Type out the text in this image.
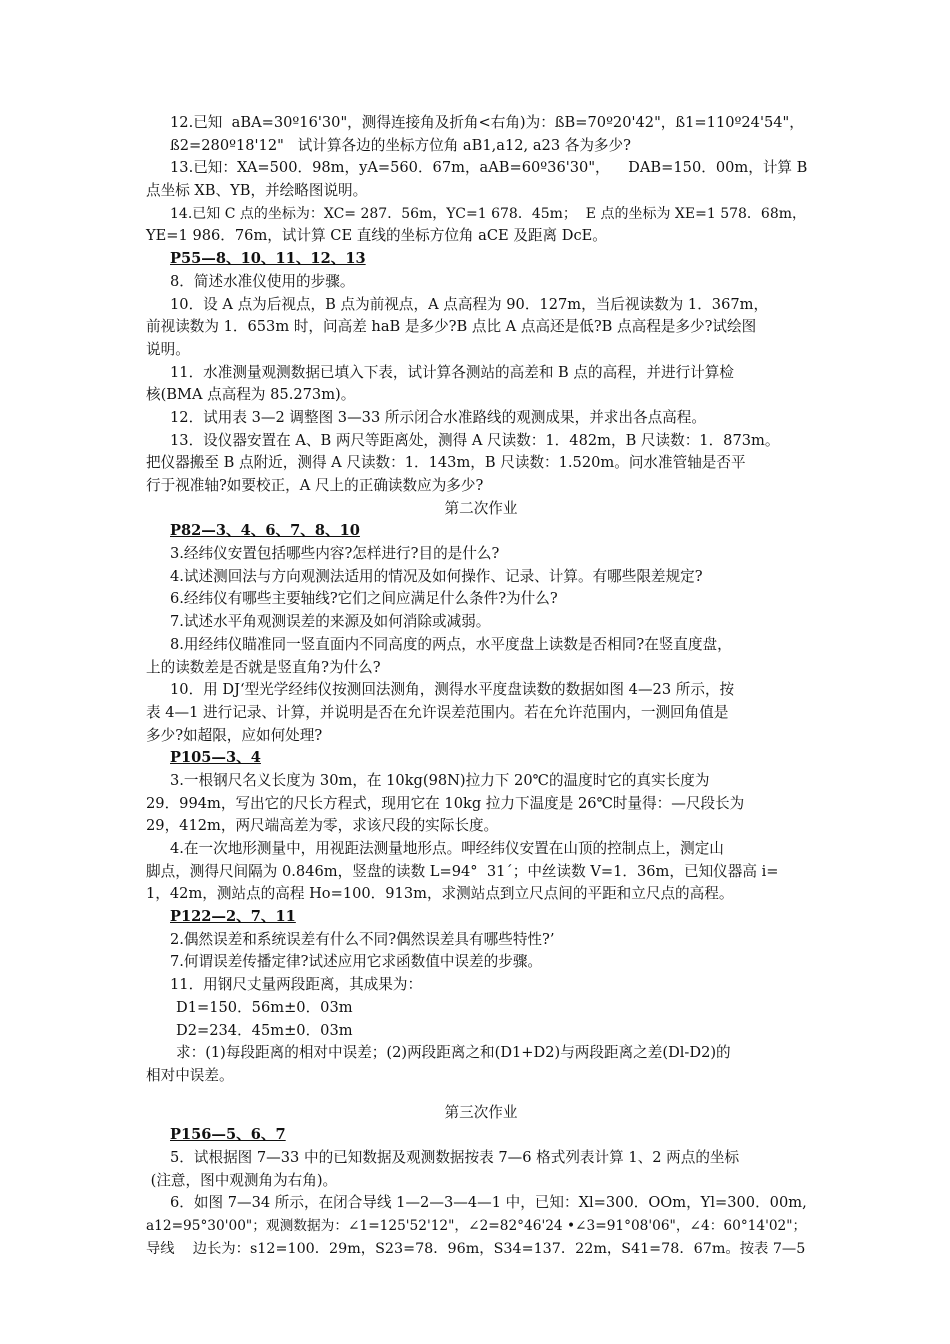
12.已知  aBA=30º16'30"，测得连接角及折角<右角)为：ßB=70º20'42"，ß1=110º24'54"，

ß2=280º18'12"   试计算各边的坐标方位角 aB1,a12, a23 各为多少?

13.已知：XA=500．98m，yA=560．67m，aAB=60º36'30"，    DAB=150．00m，计算 B

点坐标 XB、YB，并绘略图说明。

14.已知 C 点的坐标为：XC= 287．56m，YC=1 678．45m；  E 点的坐标为 XE=1 578．68m，

YE=1 986．76m，试计算 CE 直线的坐标方位角 aCE 及距离 DcE。

P55—8、10、11、12、13

8．简述水准仪使用的步骤。

10．设 A 点为后视点，B 点为前视点，A 点高程为 90．127m，当后视读数为 1．367m，

前视读数为 1．653m 时，问高差 haB 是多少?B 点比 A 点高还是低?B 点高程是多少?试绘图

说明。

11．水准测量观测数据已填入下表，试计算各测站的高差和 B 点的高程，并进行计算检

核(BMA 点高程为 85.273m)。

12．试用表 3—2 调整图 3—33 所示闭合水准路线的观测成果，并求出各点高程。

13．设仪器安置在 A、B 两尺等距离处，测得 A 尺读数：1．482m，B 尺读数：1．873m。

把仪器搬至 B 点附近，测得 A 尺读数：1．143m，B 尺读数：1.520m。问水准管轴是否平

行于视准轴?如要校正，A 尺上的正确读数应为多少?

第二次作业

P82—3、4、6、7、8、10

3.经纬仪安置包括哪些内容?怎样进行?目的是什么?

4.试述测回法与方向观测法适用的情况及如何操作、记录、计算。有哪些限差规定?

6.经纬仪有哪些主要轴线?它们之间应满足什么条件?为什么?

7.试述水平角观测误差的来源及如何消除或减弱。

8.用经纬仪瞄准同一竖直面内不同高度的两点，水平度盘上读数是否相同?在竖直度盘，

上的读数差是否就是竖直角?为什么?

10．用 DJ‘型光学经纬仪按测回法测角，测得水平度盘读数的数据如图 4—23 所示，按

表 4—1 进行记录、计算，并说明是否在允许误差范围内。若在允许范围内，一测回角值是

多少?如超限，应如何处理?

P105—3、4

3.一根钢尺名义长度为 30m，在 10kg(98N)拉力下 20℃的温度时它的真实长度为

29．994m，写出它的尺长方程式，现用它在 10kg 拉力下温度是 26℃时量得：—尺段长为

29，412m，两尺端高差为零，求该尺段的实际长度。

4.在一次地形测量中，用视距法测量地形点。呷经纬仪安置在山顶的控制点上，测定山

脚点，测得尺间隔为 0.846m，竖盘的读数 L=94°  31´；中丝读数 V=1．36m，已知仪器高 i=

1，42m，测站点的高程 Ho=100．913m，求测站点到立尺点间的平距和立尺点的高程。

P122—2、7、11

2.偶然误差和系统误差有什么不同?偶然误差具有哪些特性?’

7.何谓误差传播定律?试述应用它求函数值中误差的步骤。

11．用钢尺丈量两段距离，其成果为：

D1=150．56m±0．03m

D2=234．45m±0．03m

求：(1)每段距离的相对中误差；(2)两段距离之和(D1+D2)与两段距离之差(Dl-D2)的

相对中误差。

第三次作业

P156—5、6、7

5．试根据图 7—33 中的已知数据及观测数据按表 7—6 格式列表计算 1、2 两点的坐标

(注意，图中观测角为右角)。

6．如图 7—34 所示，在闭合导线 1—2—3—4—1 中，已知：Xl=300．OOm，Yl=300．00m,

a12=95°30'00"；观测数据为：∠1=125'52'12"，∠2=82°46'24 •∠3=91°08'06"，∠4：60°14'02"；

导线    边长为：s12=100．29m，S23=78．96m，S34=137．22m，S41=78．67m。按表 7—5
